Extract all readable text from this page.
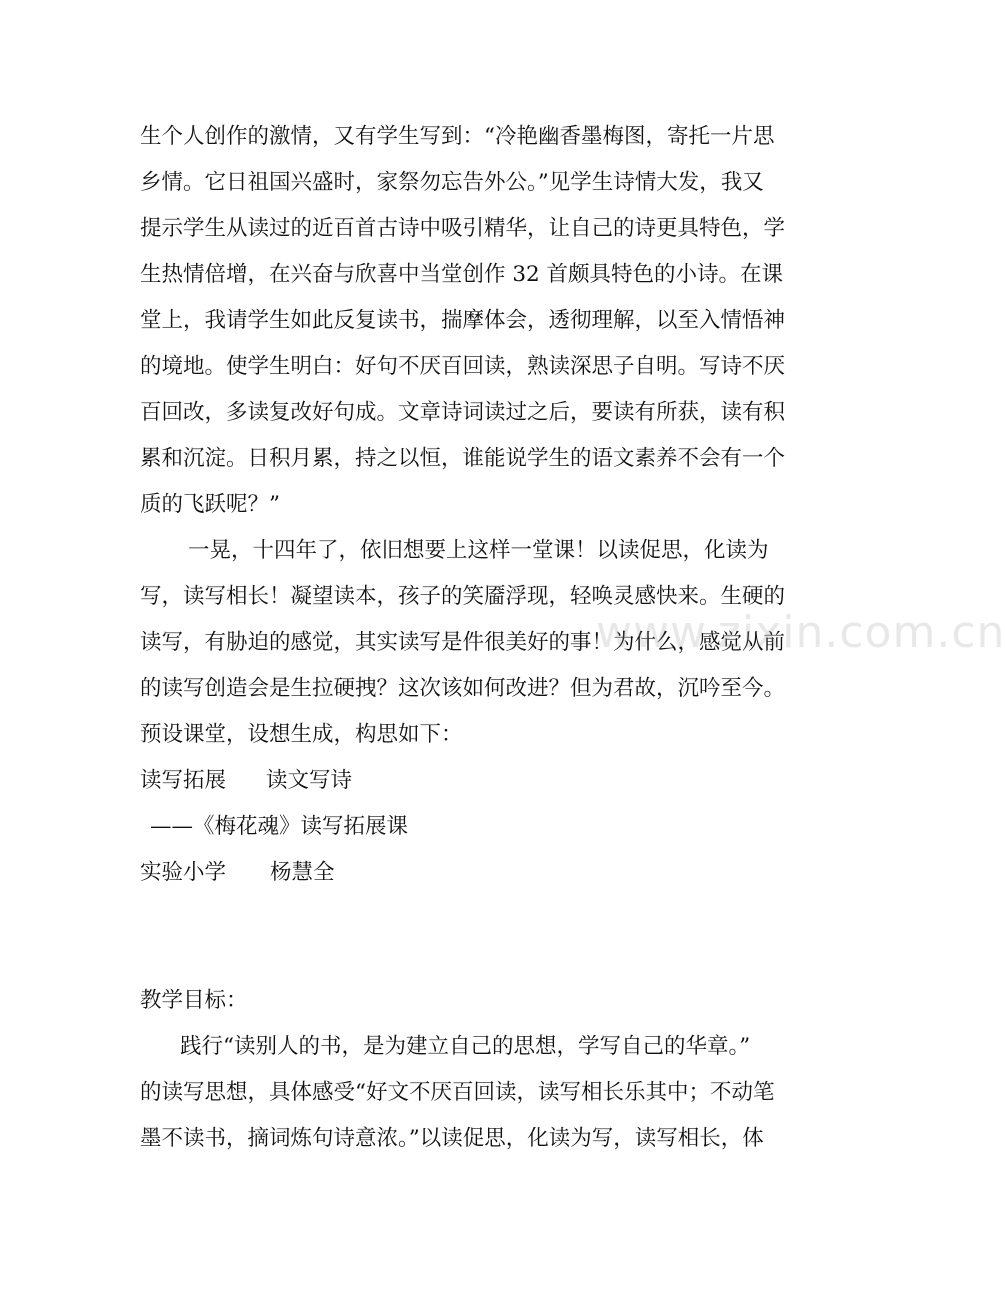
生个人创作的激情，又有学生写到：“冷艳幽香墨梅图，寄托一片思
乡情。它日祖国兴盛时，家祭勿忘告外公。”见学生诗情大发，我又
提示学生从读过的近百首古诗中吸引精华，让自己的诗更具特色，学
生热情倍增，在兴奋与欣喜中当堂创作 32 首颇具特色的小诗。在课
堂上，我请学生如此反复读书，揣摩体会，透彻理解，以至入情悟神
的境地。使学生明白：好句不厌百回读，熟读深思子自明。写诗不厌
百回改，多读复改好句成。文章诗词读过之后，要读有所获，读有积
累和沉淀。日积月累，持之以恒，谁能说学生的语文素养不会有一个
质的飞跃呢？”
一晃，十四年了，依旧想要上这样一堂课！以读促思，化读为
写，读写相长！凝望读本，孩子的笑靥浮现，轻唤灵感快来。生硬的
读写，有胁迫的感觉，其实读写是件很美好的事！为什么，感觉从前
的读写创造会是生拉硬拽？这次该如何改进？但为君故，沉吟至今。
预设课堂，设想生成，构思如下：
读写拓展 读文写诗
——《梅花魂》读写拓展课
实验小学 杨慧全
教学目标：
践行“读别人的书，是为建立自己的思想，学写自己的华章。”
的读写思想，具体感受“好文不厌百回读，读写相长乐其中；不动笔
墨不读书，摘词炼句诗意浓。”以读促思，化读为写，读写相长，体
www.zixin.com.cn
